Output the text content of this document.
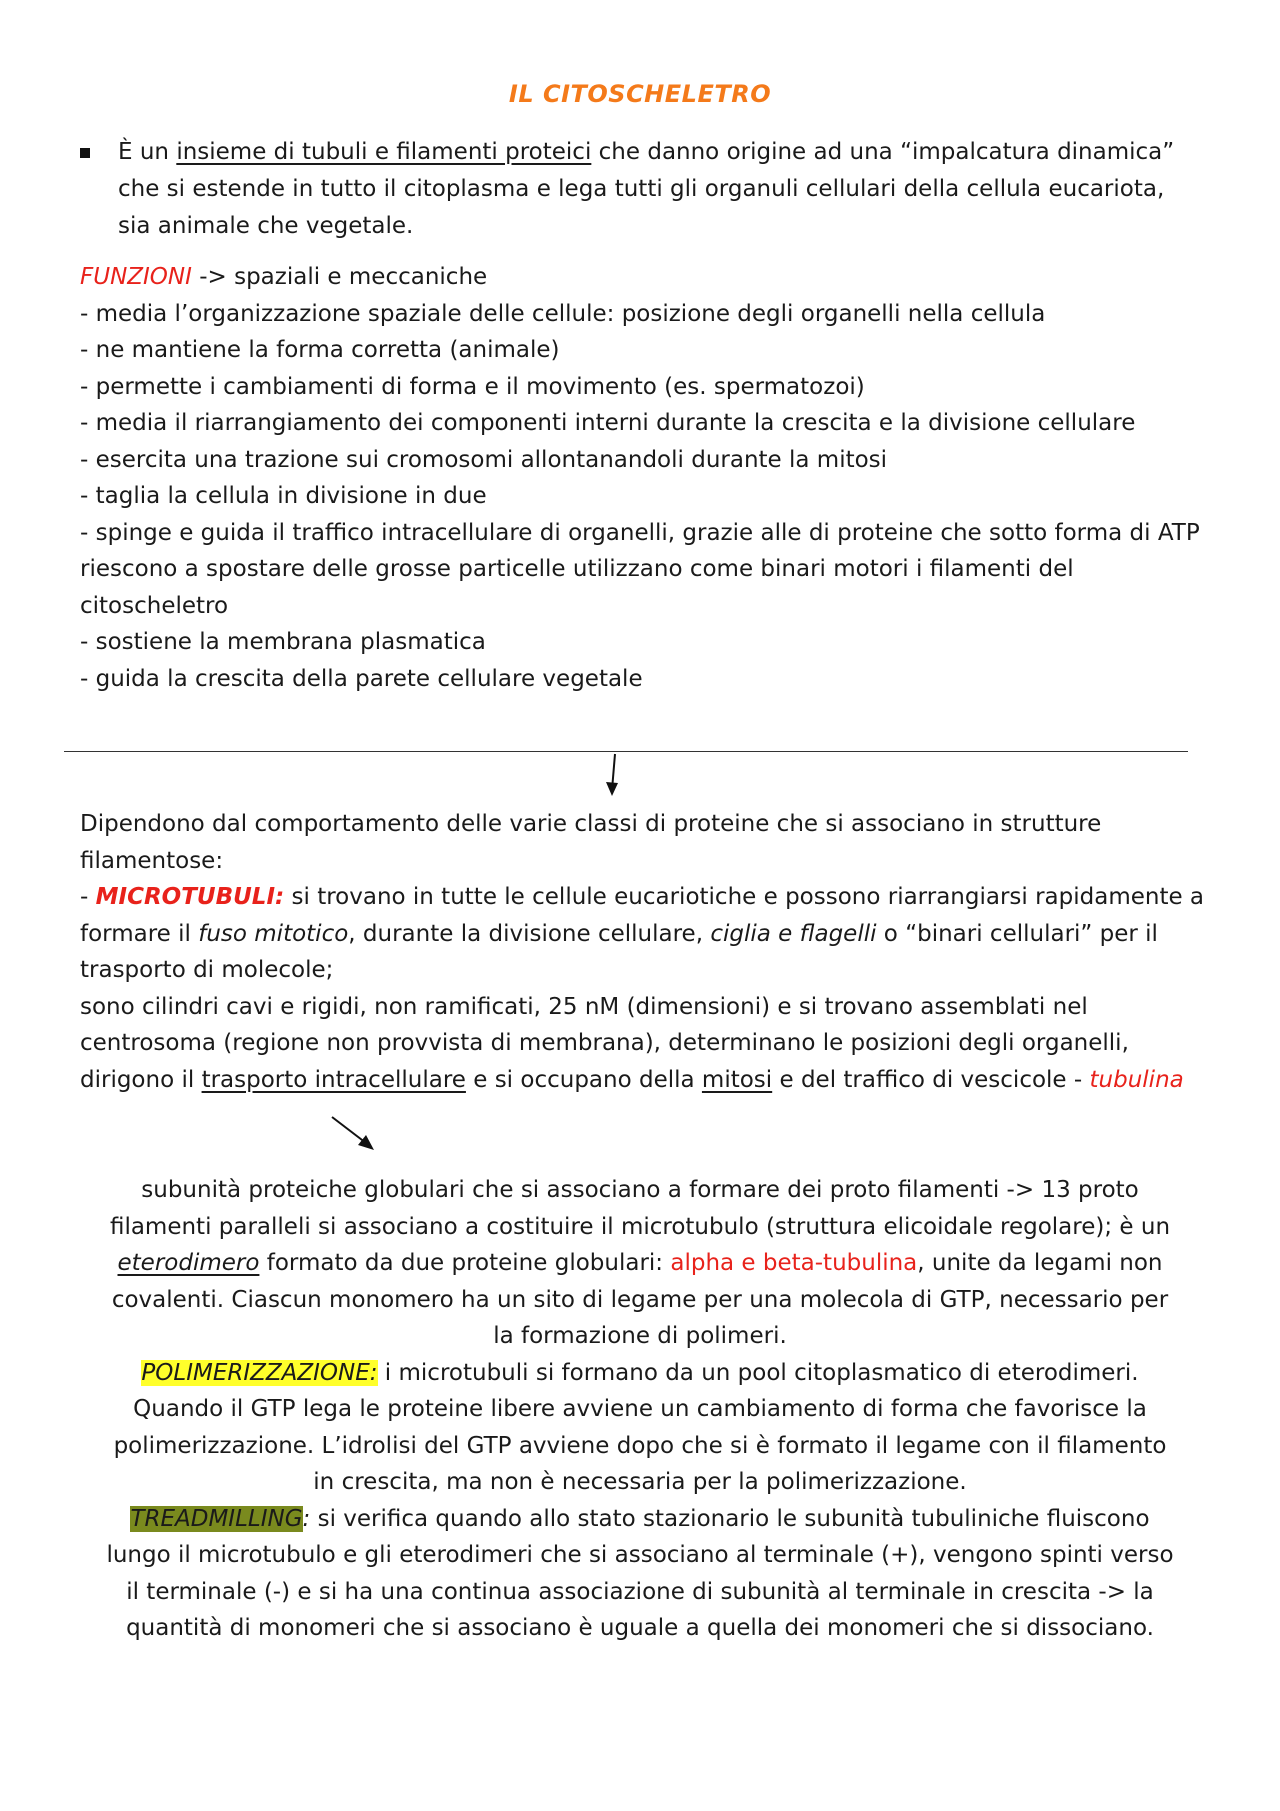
IL CITOSCHELETRO
È un insieme di tubuli e filamenti proteici che danno origine ad una “impalcatura dinamica” che si estende in tutto il citoplasma e lega tutti gli organuli cellulari della cellula eucariota, sia animale che vegetale.

FUNZIONI -> spaziali e meccaniche

- media l’organizzazione spaziale delle cellule: posizione degli organelli nella cellula

- ne mantiene la forma corretta (animale)

- permette i cambiamenti di forma e il movimento (es. spermatozoi)

- media il riarrangiamento dei componenti interni durante la crescita e la divisione cellulare

- esercita una trazione sui cromosomi allontanandoli durante la mitosi

- taglia la cellula in divisione in due

- spinge e guida il traffico intracellulare di organelli, grazie alle di proteine che sotto forma di ATP riescono a spostare delle grosse particelle utilizzano come binari motori i filamenti del citoscheletro

- sostiene la membrana plasmatica

- guida la crescita della parete cellulare vegetale

Dipendono dal comportamento delle varie classi di proteine che si associano in strutture filamentose:

- MICROTUBULI: si trovano in tutte le cellule eucariotiche e possono riarrangiarsi rapidamente a formare il fuso mitotico, durante la divisione cellulare, ciglia e flagelli o “binari cellulari” per il trasporto di molecole;

sono cilindri cavi e rigidi, non ramificati, 25 nM (dimensioni) e si trovano assemblati nel centrosoma (regione non provvista di membrana), determinano le posizioni degli organelli, dirigono il trasporto intracellulare e si occupano della mitosi e del traffico di vescicole - tubulina

subunità proteiche globulari che si associano a formare dei proto filamenti -> 13 proto filamenti paralleli si associano a costituire il microtubulo (struttura elicoidale regolare); è un eterodimero formato da due proteine globulari: alpha e beta-tubulina, unite da legami non covalenti. Ciascun monomero ha un sito di legame per una molecola di GTP, necessario per la formazione di polimeri.

POLIMERIZZAZIONE: i microtubuli si formano da un pool citoplasmatico di eterodimeri. Quando il GTP lega le proteine libere avviene un cambiamento di forma che favorisce la polimerizzazione. L’idrolisi del GTP avviene dopo che si è formato il legame con il filamento in crescita, ma non è necessaria per la polimerizzazione.

TREADMILLING: si verifica quando allo stato stazionario le subunità tubuliniche fluiscono lungo il microtubulo e gli eterodimeri che si associano al terminale (+), vengono spinti verso il terminale (-) e si ha una continua associazione di subunità al terminale in crescita -> la quantità di monomeri che si associano è uguale a quella dei monomeri che si dissociano.
